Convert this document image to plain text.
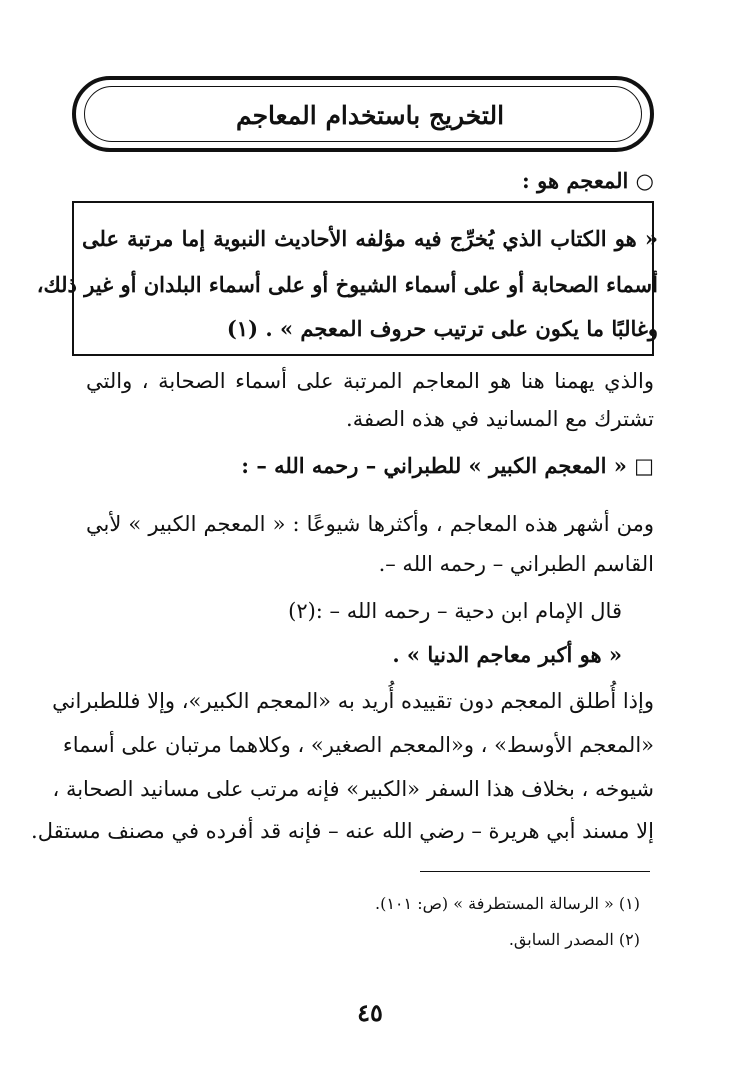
التخريج باستخدام المعاجم
○ المعجم هو :
« هو الكتاب الذي يُخرِّج فيه مؤلفه الأحاديث النبوية إما مرتبة على
أسماء الصحابة أو على أسماء الشيوخ أو على أسماء البلدان أو غير ذلك،
وغالبًا ما يكون على ترتيب حروف المعجم » . (١)
والذي يهمنا هنا هو المعاجم المرتبة على أسماء الصحابة ، والتي
تشترك مع المسانيد في هذه الصفة.
□ « المعجم الكبير » للطبراني – رحمه الله – :
ومن أشهر هذه المعاجم ، وأكثرها شيوعًا : « المعجم الكبير » لأبي
القاسم الطبراني – رحمه الله –.
قال الإمام ابن دحية – رحمه الله – :(٢)
« هو أكبر معاجم الدنيا » .
وإذا أُطلق المعجم دون تقييده أُريد به «المعجم الكبير»، وإلا فللطبراني
«المعجم الأوسط» ، و«المعجم الصغير» ، وكلاهما مرتبان على أسماء
شيوخه ، بخلاف هذا السفر «الكبير» فإنه مرتب على مسانيد الصحابة ،
إلا مسند أبي هريرة – رضي الله عنه – فإنه قد أفرده في مصنف مستقل.
(١) « الرسالة المستطرفة » (ص: ١٠١).
(٢) المصدر السابق.
٤٥
